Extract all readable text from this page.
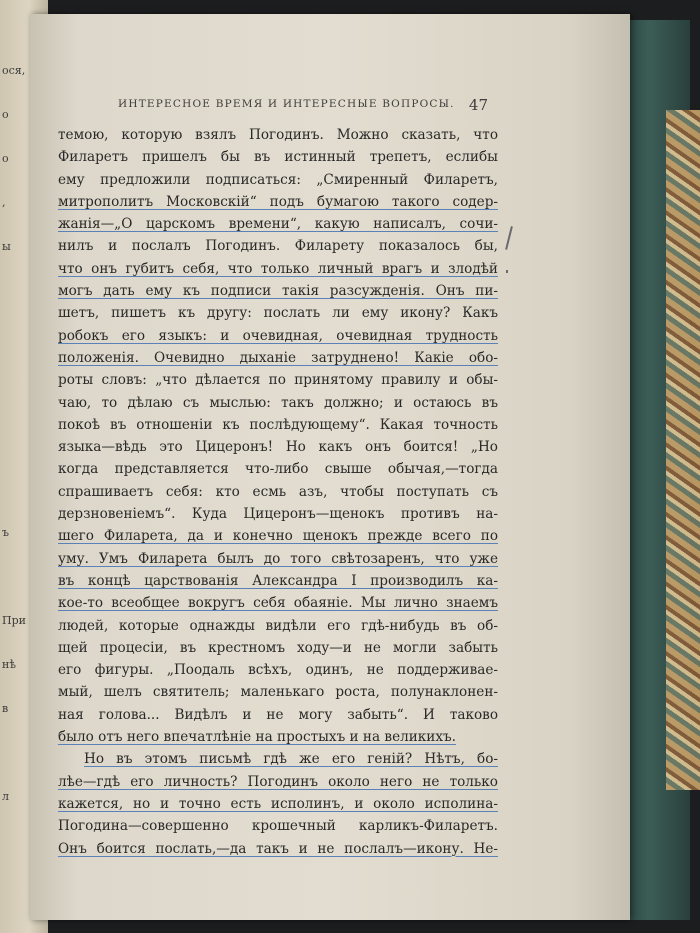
ося,

о

о

,

ы

ъ

При

нѣ

в

л
ИНТЕРЕСНОЕ ВРЕМЯ И ИНТЕРЕСНЫЕ ВОПРОСЫ. 47
темою, которую взялъ Погодинъ. Можно сказать, что
Филаретъ пришелъ бы въ истинный трепетъ, еслибы
ему предложили подписаться: „Смиренный Филаретъ,
митрополитъ Московскій“ подъ бумагою такого содер-
жанія—„О царскомъ времени“, какую написалъ, сочи-
нилъ и послалъ Погодинъ. Филарету показалось бы,
что онъ губитъ себя, что только личный врагъ и злодѣй
могъ дать ему къ подписи такія разсужденія. Онъ пи-
шетъ, пишетъ къ другу: послать ли ему икону? Какъ
робокъ его языкъ: и очевидная, очевидная трудность
положенія. Очевидно дыханіе затруднено! Какіе обо-
роты словъ: „что дѣлается по принятому правилу и обы-
чаю, то дѣлаю съ мыслью: такъ должно; и остаюсь въ
покоѣ въ отношеніи къ послѣдующему“. Какая точность
языка—вѣдь это Цицеронъ! Но какъ онъ боится! „Но
когда представляется что-либо свыше обычая,—тогда
спрашиваетъ себя: кто есмь азъ, чтобы поступать съ
дерзновеніемъ“. Куда Цицеронъ—щенокъ противъ на-
шего Филарета, да и конечно щенокъ прежде всего по
уму. Умъ Филарета былъ до того свѣтозаренъ, что уже
въ концѣ царствованія Александра I производилъ ка-
кое-то всеобщее вокругъ себя обаяніе. Мы лично знаемъ
людей, которые однажды видѣли его гдѣ-нибудь въ об-
щей процесіи, въ крестномъ ходу—и не могли забыть
его фигуры. „Поодаль всѣхъ, одинъ, не поддерживае-
мый, шелъ святитель; маленькаго роста, полунаклонен-
ная голова... Видѣлъ и не могу забыть“. И таково
было отъ него впечатлѣніе на простыхъ и на великихъ.
Но въ этомъ письмѣ гдѣ же его геній? Нѣтъ, бо-
лѣе—гдѣ его личность? Погодинъ около него не только
кажется, но и точно есть исполинъ, и около исполина-
Погодина—совершенно крошечный карликъ-Филаретъ.
Онъ боится послать,—да такъ и не послалъ—икону. Не-
